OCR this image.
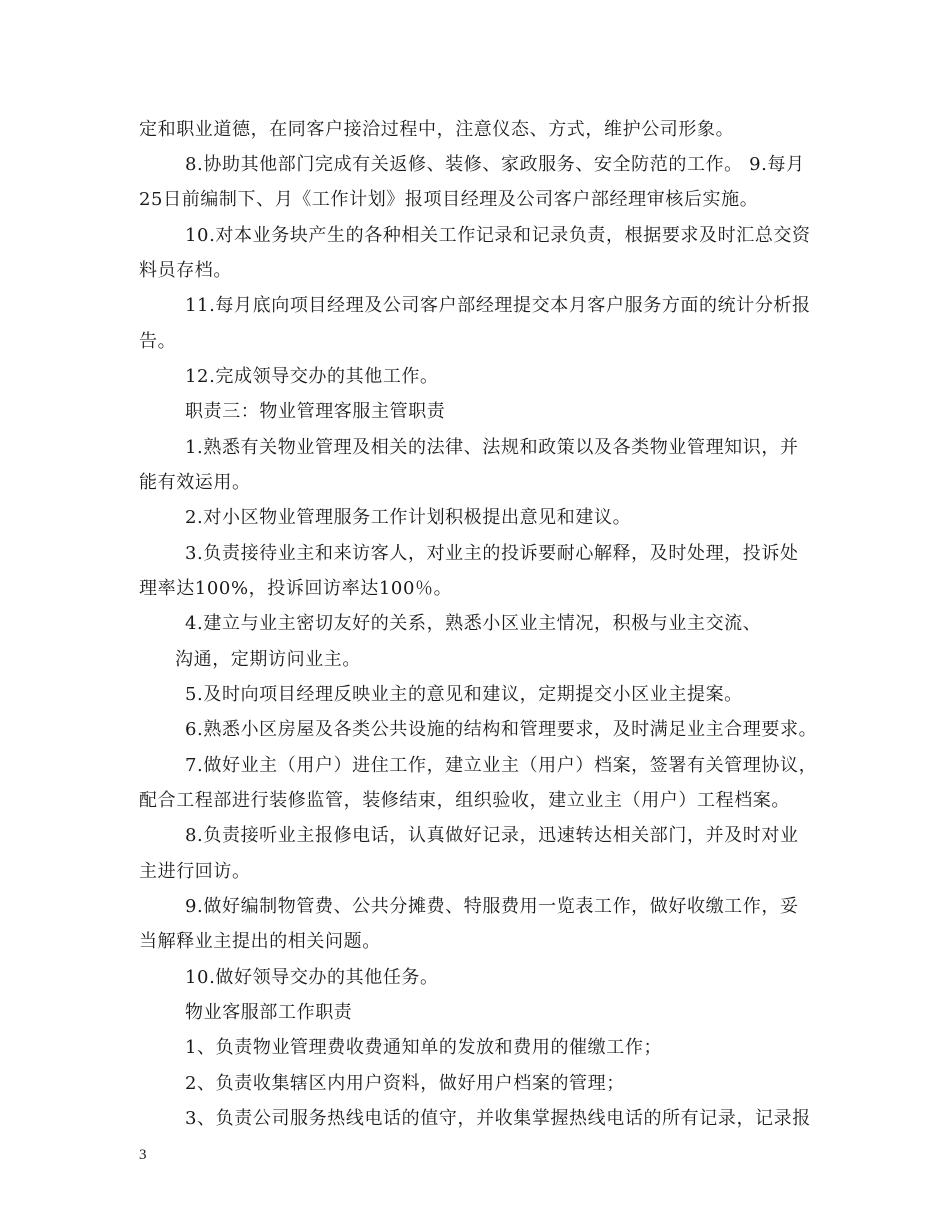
定和职业道德，在同客户接洽过程中，注意仪态、方式，维护公司形象。
8.协助其他部门完成有关返修、装修、家政服务、安全防范的工作。 9.每月
25日前编制下、月《工作计划》报项目经理及公司客户部经理审核后实施。
10.对本业务块产生的各种相关工作记录和记录负责，根据要求及时汇总交资
料员存档。
11.每月底向项目经理及公司客户部经理提交本月客户服务方面的统计分析报
告。
12.完成领导交办的其他工作。
职责三：物业管理客服主管职责
1.熟悉有关物业管理及相关的法律、法规和政策以及各类物业管理知识，并
能有效运用。
2.对小区物业管理服务工作计划积极提出意见和建议。
3.负责接待业主和来访客人，对业主的投诉要耐心解释，及时处理，投诉处
理率达100%，投诉回访率达100％。
4.建立与业主密切友好的关系，熟悉小区业主情况，积极与业主交流、
沟通，定期访问业主。
5.及时向项目经理反映业主的意见和建议，定期提交小区业主提案。
6.熟悉小区房屋及各类公共设施的结构和管理要求，及时满足业主合理要求。
7.做好业主（用户）进住工作，建立业主（用户）档案，签署有关管理协议，
配合工程部进行装修监管，装修结束，组织验收，建立业主（用户）工程档案。
8.负责接听业主报修电话，认真做好记录，迅速转达相关部门，并及时对业
主进行回访。
9.做好编制物管费、公共分摊费、特服费用一览表工作，做好收缴工作，妥
当解释业主提出的相关问题。
10.做好领导交办的其他任务。
物业客服部工作职责
1、负责物业管理费收费通知单的发放和费用的催缴工作；
2、负责收集辖区内用户资料，做好用户档案的管理；
3、负责公司服务热线电话的值守，并收集掌握热线电话的所有记录，记录报
3
